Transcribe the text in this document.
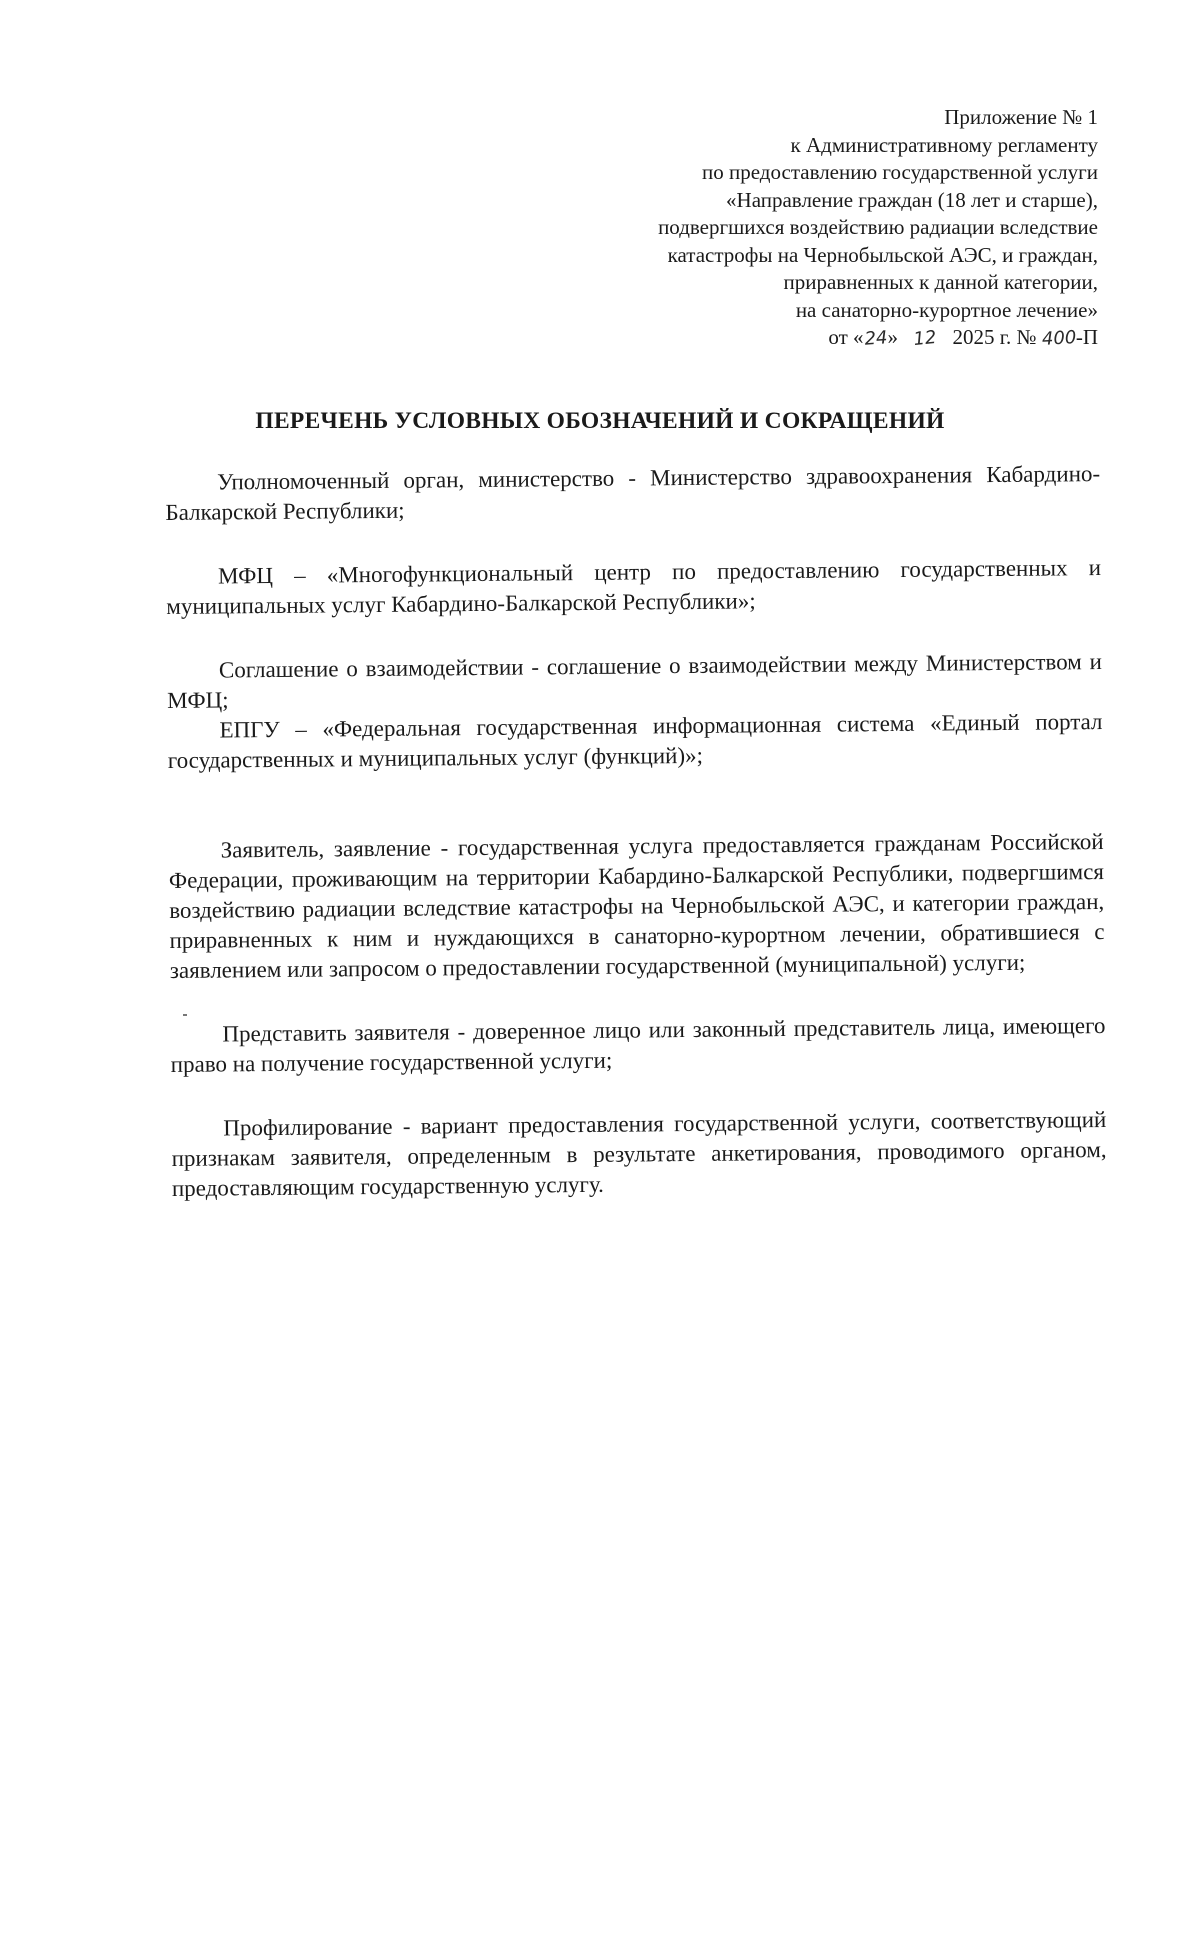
Приложение № 1
к Административному регламенту
по предоставлению государственной услуги
«Направление граждан (18 лет и старше),
подвергшихся воздействию радиации вследствие
катастрофы на Чернобыльской АЭС, и граждан,
приравненных к данной категории,
на санаторно-курортное лечение»
от «24» 12 2025 г. № 400-П
ПЕРЕЧЕНЬ УСЛОВНЫХ ОБОЗНАЧЕНИЙ И СОКРАЩЕНИЙ

Уполномоченный орган, министерство - Министерство здравоохранения Кабардино-Балкарской Республики;

МФЦ – «Многофункциональный центр по предоставлению государственных и муниципальных услуг Кабардино-Балкарской Республики»;

Соглашение о взаимодействии - соглашение о взаимодействии между Министерством и МФЦ;

ЕПГУ – «Федеральная государственная информационная система «Единый портал государственных и муниципальных услуг (функций)»;

Заявитель, заявление - государственная услуга предоставляется гражданам Российской Федерации, проживающим на территории Кабардино-Балкарской Республики, подвергшимся воздействию радиации вследствие катастрофы на Чернобыльской АЭС, и категории граждан, приравненных к ним и нуждающихся в санаторно-курортном лечении, обратившиеся с заявлением или запросом о предоставлении государственной (муниципальной) услуги;

Представить заявителя - доверенное лицо или законный представитель лица, имеющего право на получение государственной услуги;

Профилирование - вариант предоставления государственной услуги, соответствующий признакам заявителя, определенным в результате анкетирования, проводимого органом, предоставляющим государственную услугу.
